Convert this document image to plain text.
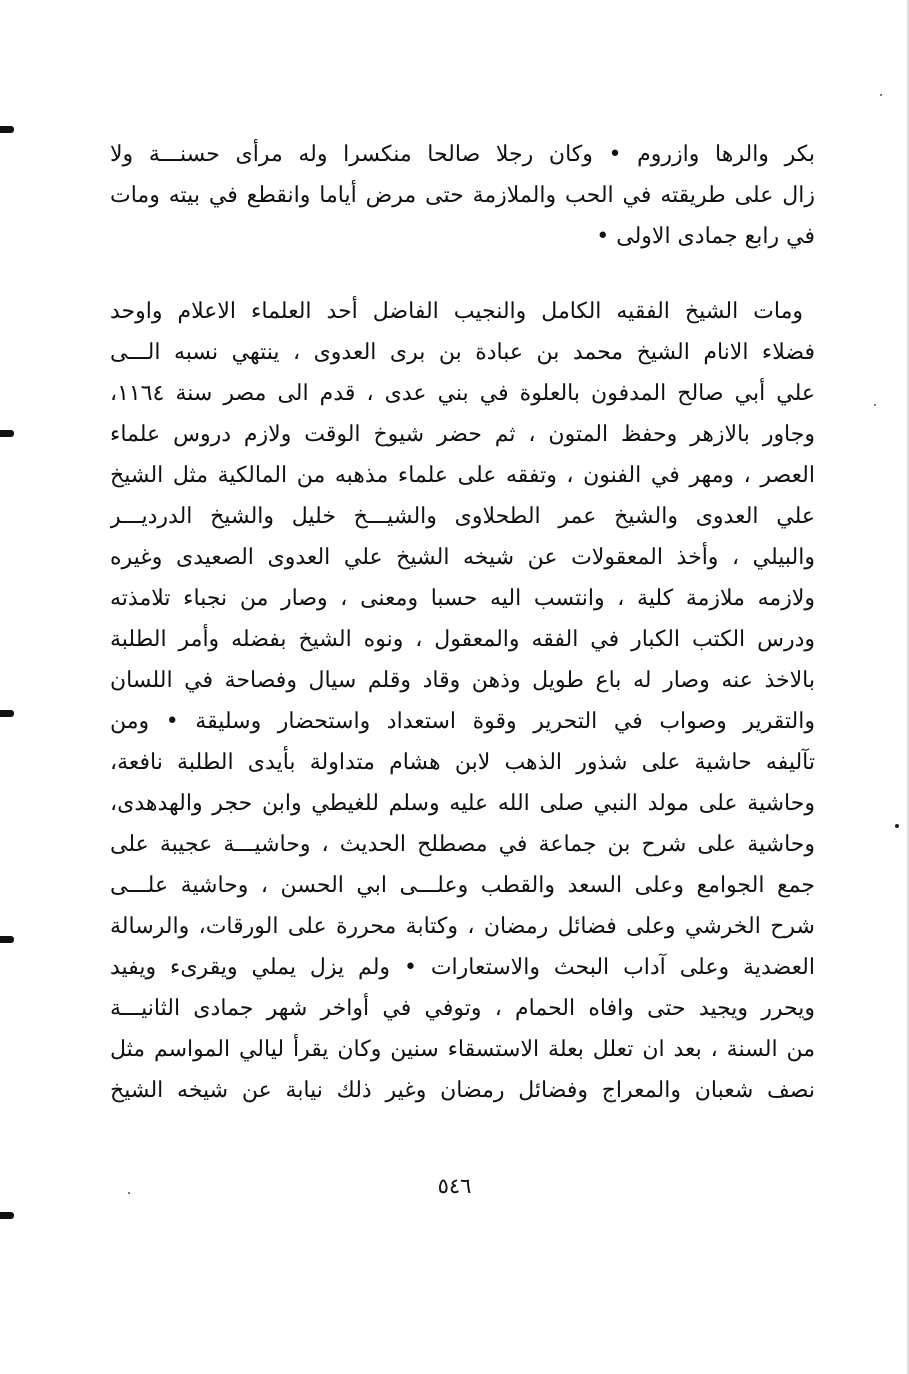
بكر والرها وازروم • وكان رجلا صالحا منكسرا وله مرأى حسنـــة ولا
زال على طريقته في الحب والملازمة حتى مرض أياما وانقطع في بيته ومات
في رابع جمادى الاولى •
ومات الشيخ الفقيه الكامل والنجيب الفاضل أحد العلماء الاعلام واوحد
فضلاء الانام الشيخ محمد بن عبادة بن برى العدوى ، ينتهي نسبه الـــى
علي أبي صالح المدفون بالعلوة في بني عدى ، قدم الى مصر سنة ١١٦٤،
وجاور بالازهر وحفظ المتون ، ثم حضر شيوخ الوقت ولازم دروس علماء
العصر ، ومهر في الفنون ، وتفقه على علماء مذهبه من المالكية مثل الشيخ
علي العدوى والشيخ عمر الطحلاوى والشيـــخ خليل والشيخ الدرديـــر
والبيلي ، وأخذ المعقولات عن شيخه الشيخ علي العدوى الصعيدى وغيره
ولازمه ملازمة كلية ، وانتسب اليه حسبا ومعنى ، وصار من نجباء تلامذته
ودرس الكتب الكبار في الفقه والمعقول ، ونوه الشيخ بفضله وأمر الطلبة
بالاخذ عنه وصار له باع طويل وذهن وقاد وقلم سيال وفصاحة في اللسان
والتقرير وصواب في التحرير وقوة استعداد واستحضار وسليقة • ومن
تآليفه حاشية على شذور الذهب لابن هشام متداولة بأيدى الطلبة نافعة،
وحاشية على مولد النبي صلى الله عليه وسلم للغيطي وابن حجر والهدهدى،
وحاشية على شرح بن جماعة في مصطلح الحديث ، وحاشيـــة عجيبة على
جمع الجوامع وعلى السعد والقطب وعلـــى ابي الحسن ، وحاشية علـــى
شرح الخرشي وعلى فضائل رمضان ، وكتابة محررة على الورقات، والرسالة
العضدية وعلى آداب البحث والاستعارات • ولم يزل يملي ويقرىء ويفيد
ويحرر ويجيد حتى وافاه الحمام ، وتوفي في أواخر شهر جمادى الثانيـــة
من السنة ، بعد ان تعلل بعلة الاستسقاء سنين وكان يقرأ ليالي المواسم مثل
نصف شعبان والمعراج وفضائل رمضان وغير ذلك نيابة عن شيخه الشيخ
٥٤٦
